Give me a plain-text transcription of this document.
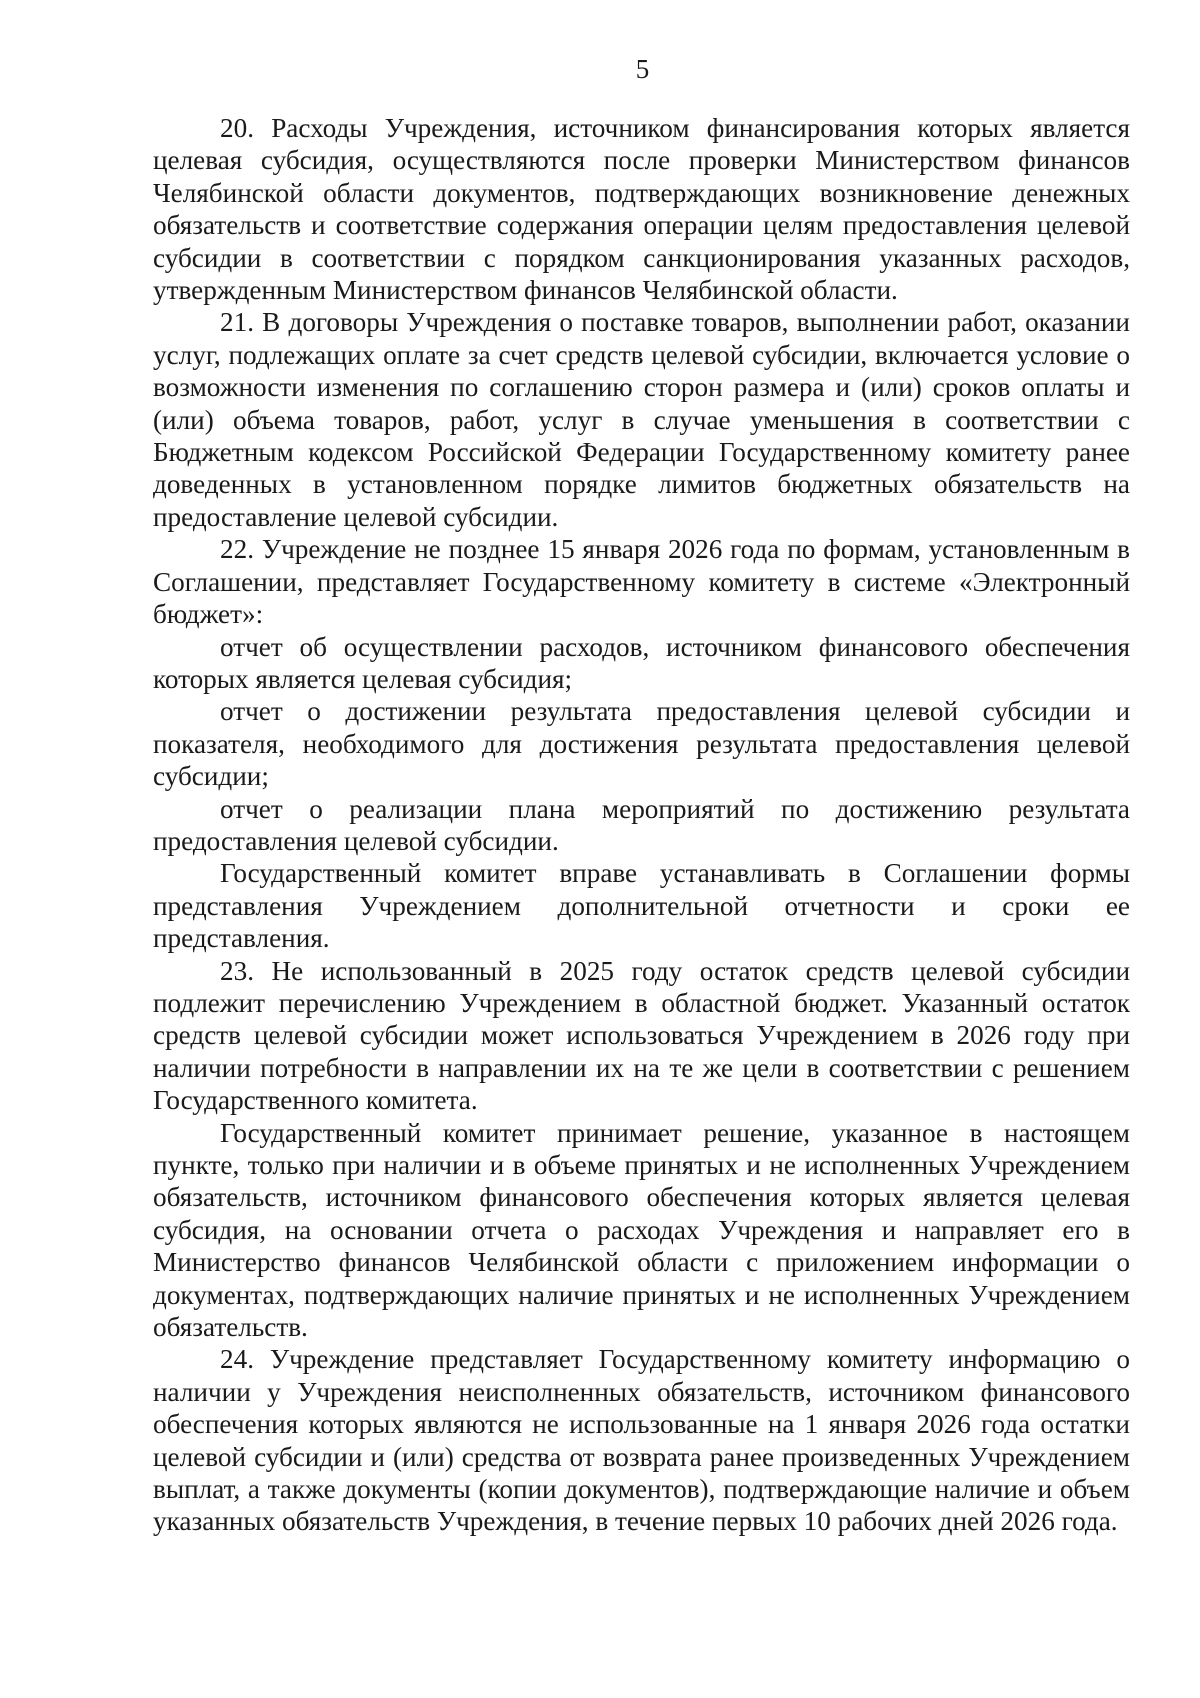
5

20. Расходы Учреждения, источником финансирования которых является целевая субсидия, осуществляются после проверки Министерством финансов Челябинской области документов, подтверждающих возникновение денежных обязательств и соответствие содержания операции целям предоставления целевой субсидии в соответствии с порядком санкционирования указанных расходов, утвержденным Министерством финансов Челябинской области.

21. В договоры Учреждения о поставке товаров, выполнении работ, оказании услуг, подлежащих оплате за счет средств целевой субсидии, включается условие о возможности изменения по соглашению сторон размера и (или) сроков оплаты и (или) объема товаров, работ, услуг в случае уменьшения в соответствии с Бюджетным кодексом Российской Федерации Государственному комитету ранее доведенных в установленном порядке лимитов бюджетных обязательств на предоставление целевой субсидии.

22. Учреждение не позднее 15 января 2026 года по формам, установленным в Соглашении, представляет Государственному комитету в системе «Электронный бюджет»:

отчет об осуществлении расходов, источником финансового обеспечения которых является целевая субсидия;

отчет о достижении результата предоставления целевой субсидии и показателя, необходимого для достижения результата предоставления целевой субсидии;

отчет о реализации плана мероприятий по достижению результата предоставления целевой субсидии.

Государственный комитет вправе устанавливать в Соглашении формы представления Учреждением дополнительной отчетности и сроки ее представления.

23. Не использованный в 2025 году остаток средств целевой субсидии подлежит перечислению Учреждением в областной бюджет. Указанный остаток средств целевой субсидии может использоваться Учреждением в 2026 году при наличии потребности в направлении их на те же цели в соответствии с решением Государственного комитета.

Государственный комитет принимает решение, указанное в настоящем пункте, только при наличии и в объеме принятых и не исполненных Учреждением обязательств, источником финансового обеспечения которых является целевая субсидия, на основании отчета о расходах Учреждения и направляет его в Министерство финансов Челябинской области с приложением информации о документах, подтверждающих наличие принятых и не исполненных Учреждением обязательств.

24. Учреждение представляет Государственному комитету информацию о наличии у Учреждения неисполненных обязательств, источником финансового обеспечения которых являются не использованные на 1 января 2026 года остатки целевой субсидии и (или) средства от возврата ранее произведенных Учреждением выплат, а также документы (копии документов), подтверждающие наличие и объем указанных обязательств Учреждения, в течение первых 10 рабочих дней 2026 года.
